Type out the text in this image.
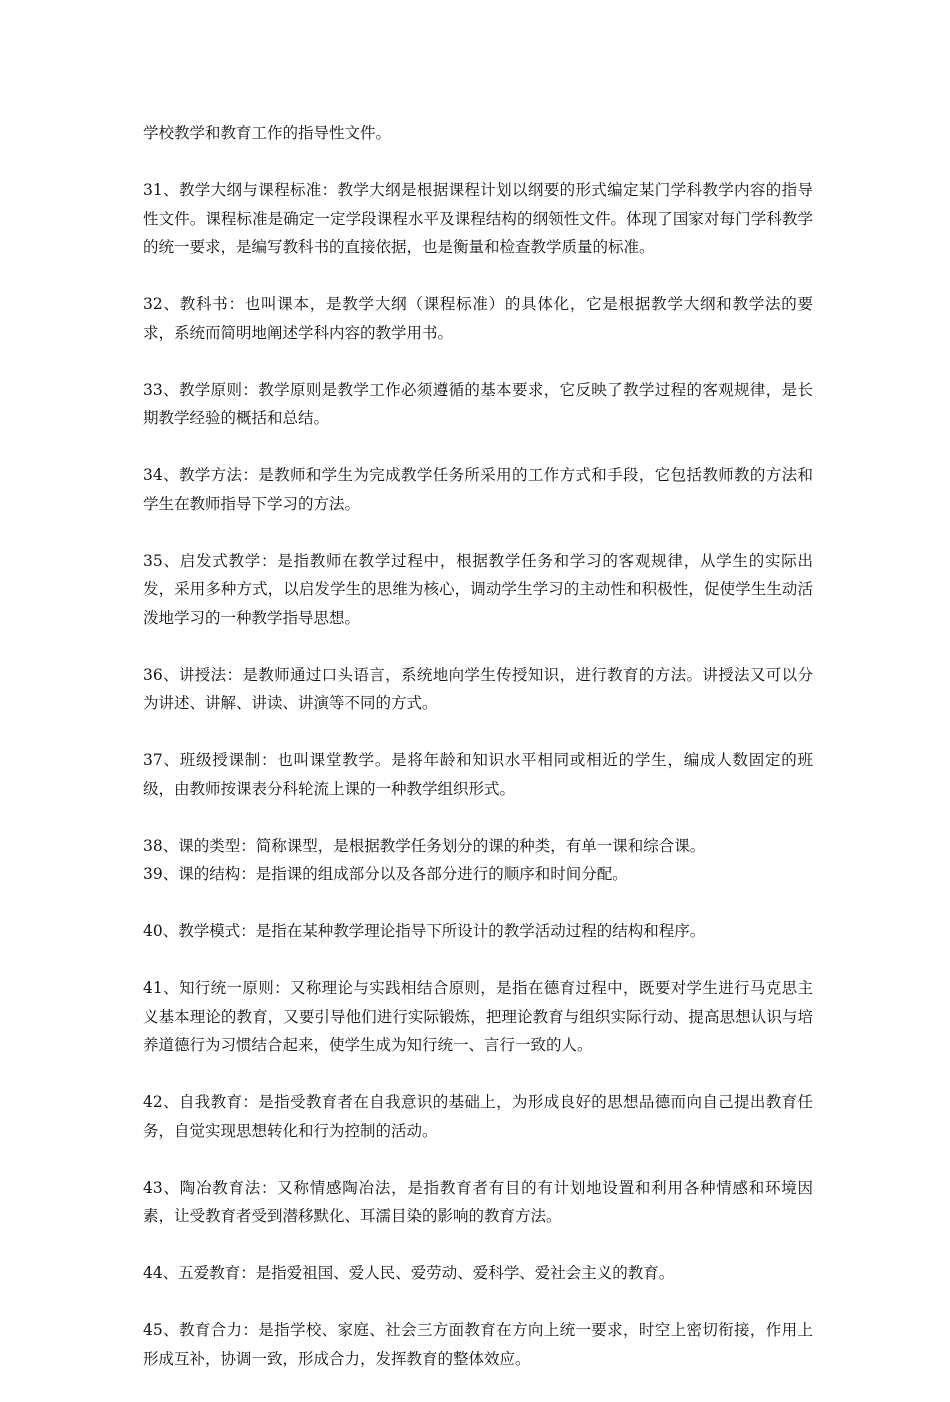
学校教学和教育工作的指导性文件。

31、教学大纲与课程标准：教学大纲是根据课程计划以纲要的形式编定某门学科教学内容的指导性文件。课程标准是确定一定学段课程水平及课程结构的纲领性文件。体现了国家对每门学科教学的统一要求，是编写教科书的直接依据，也是衡量和检查教学质量的标准。

32、教科书：也叫课本，是教学大纲（课程标准）的具体化，它是根据教学大纲和教学法的要求，系统而简明地阐述学科内容的教学用书。

33、教学原则：教学原则是教学工作必须遵循的基本要求，它反映了教学过程的客观规律，是长期教学经验的概括和总结。

34、教学方法：是教师和学生为完成教学任务所采用的工作方式和手段，它包括教师教的方法和学生在教师指导下学习的方法。

35、启发式教学：是指教师在教学过程中，根据教学任务和学习的客观规律，从学生的实际出发，采用多种方式，以启发学生的思维为核心，调动学生学习的主动性和积极性，促使学生生动活泼地学习的一种教学指导思想。

36、讲授法：是教师通过口头语言，系统地向学生传授知识，进行教育的方法。讲授法又可以分为讲述、讲解、讲读、讲演等不同的方式。

37、班级授课制：也叫课堂教学。是将年龄和知识水平相同或相近的学生，编成人数固定的班级，由教师按课表分科轮流上课的一种教学组织形式。

38、课的类型：简称课型，是根据教学任务划分的课的种类，有单一课和综合课。

39、课的结构：是指课的组成部分以及各部分进行的顺序和时间分配。

40、教学模式：是指在某种教学理论指导下所设计的教学活动过程的结构和程序。

41、知行统一原则：又称理论与实践相结合原则，是指在德育过程中，既要对学生进行马克思主义基本理论的教育，又要引导他们进行实际锻炼，把理论教育与组织实际行动、提高思想认识与培养道德行为习惯结合起来，使学生成为知行统一、言行一致的人。

42、自我教育：是指受教育者在自我意识的基础上，为形成良好的思想品德而向自己提出教育任务，自觉实现思想转化和行为控制的活动。

43、陶冶教育法：又称情感陶冶法，是指教育者有目的有计划地设置和利用各种情感和环境因素，让受教育者受到潜移默化、耳濡目染的影响的教育方法。

44、五爱教育：是指爱祖国、爱人民、爱劳动、爱科学、爱社会主义的教育。

45、教育合力：是指学校、家庭、社会三方面教育在方向上统一要求，时空上密切衔接，作用上形成互补，协调一致，形成合力，发挥教育的整体效应。
